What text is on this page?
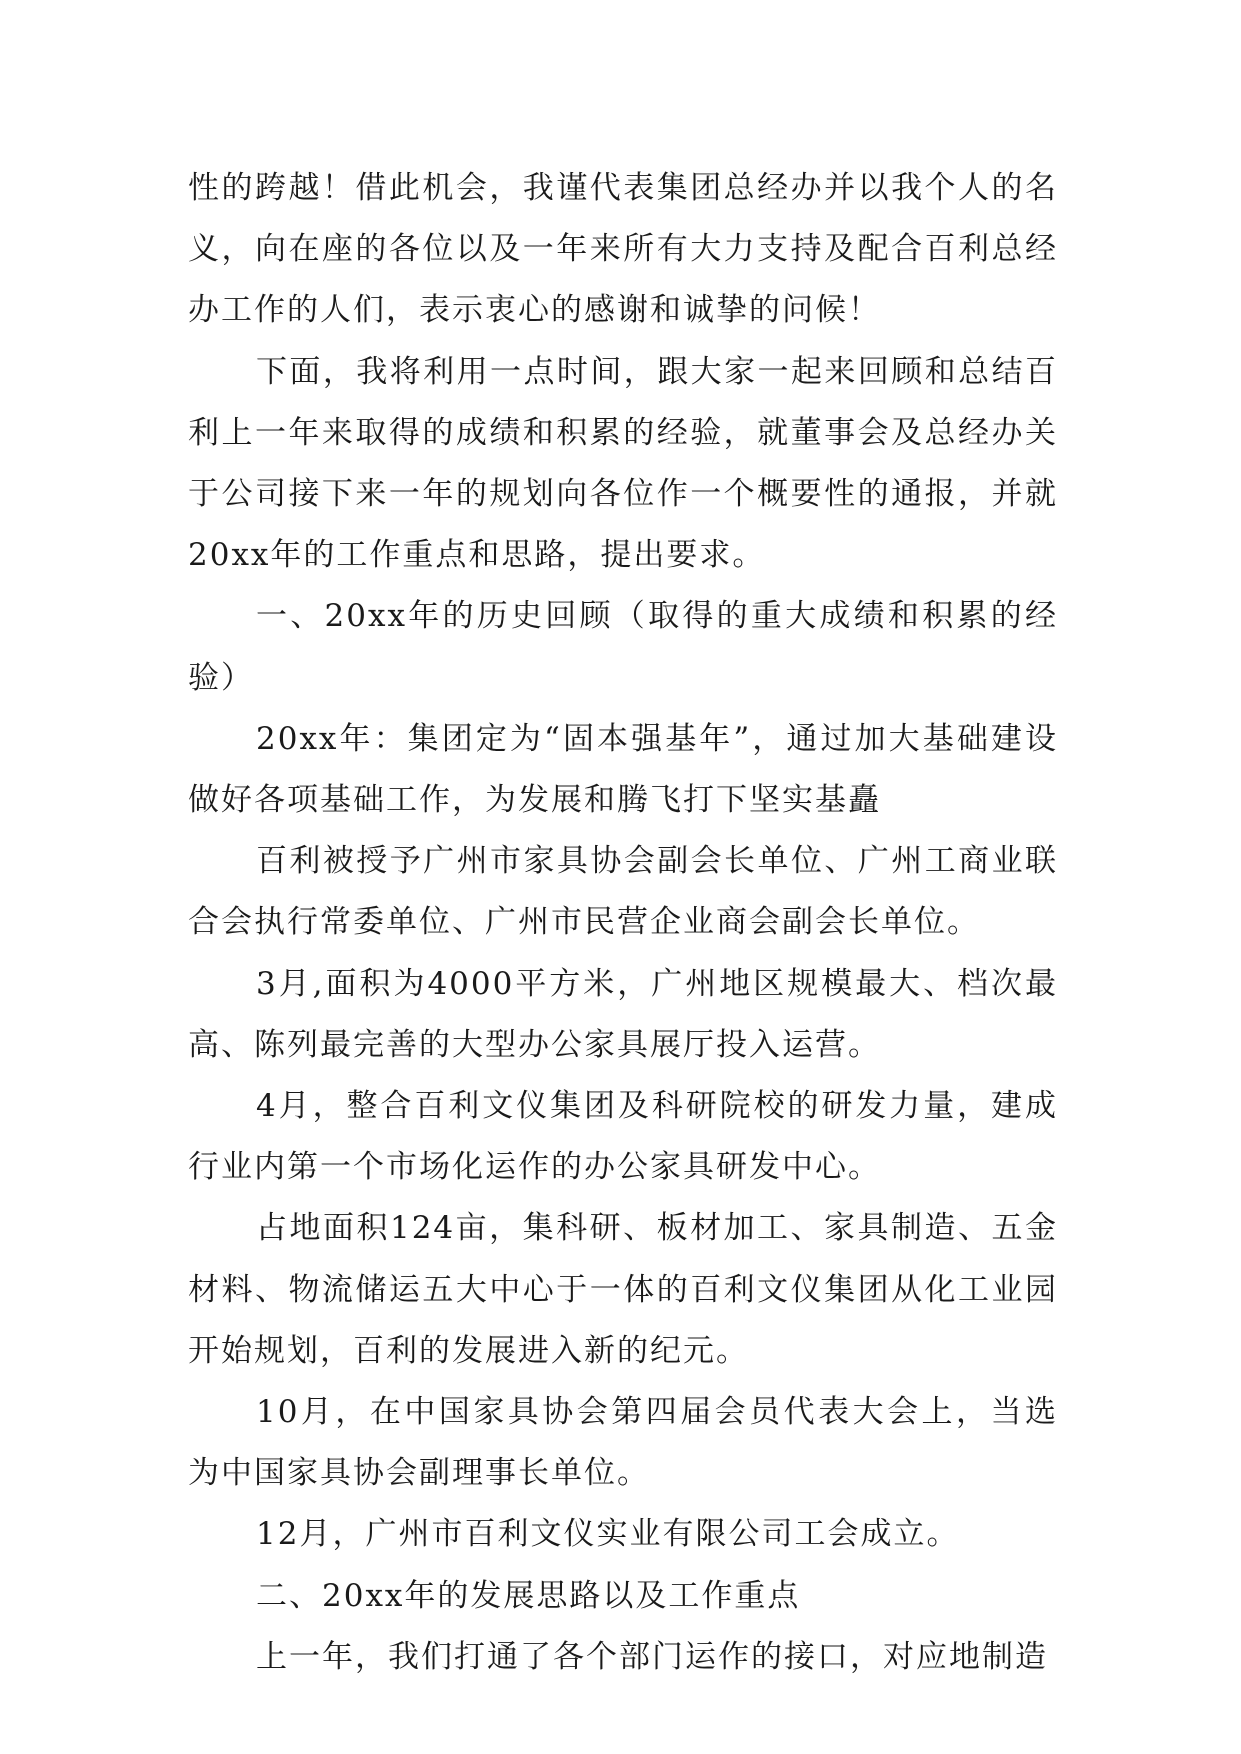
性的跨越！借此机会，我谨代表集团总经办并以我个人的名义，向在座的各位以及一年来所有大力支持及配合百利总经办工作的人们，表示衷心的感谢和诚挚的问候！

下面，我将利用一点时间，跟大家一起来回顾和总结百利上一年来取得的成绩和积累的经验，就董事会及总经办关于公司接下来一年的规划向各位作一个概要性的通报，并就20xx年的工作重点和思路，提出要求。

一、20xx年的历史回顾（取得的重大成绩和积累的经验）

20xx年：集团定为“固本强基年”，通过加大基础建设做好各项基础工作，为发展和腾飞打下坚实基矗

百利被授予广州市家具协会副会长单位、广州工商业联合会执行常委单位、广州市民营企业商会副会长单位。

3月,面积为4000平方米，广州地区规模最大、档次最高、陈列最完善的大型办公家具展厅投入运营。

4月，整合百利文仪集团及科研院校的研发力量，建成行业内第一个市场化运作的办公家具研发中心。

占地面积124亩，集科研、板材加工、家具制造、五金材料、物流储运五大中心于一体的百利文仪集团从化工业园开始规划，百利的发展进入新的纪元。

10月，在中国家具协会第四届会员代表大会上，当选为中国家具协会副理事长单位。

12月，广州市百利文仪实业有限公司工会成立。

二、20xx年的发展思路以及工作重点

上一年，我们打通了各个部门运作的接口，对应地制造
